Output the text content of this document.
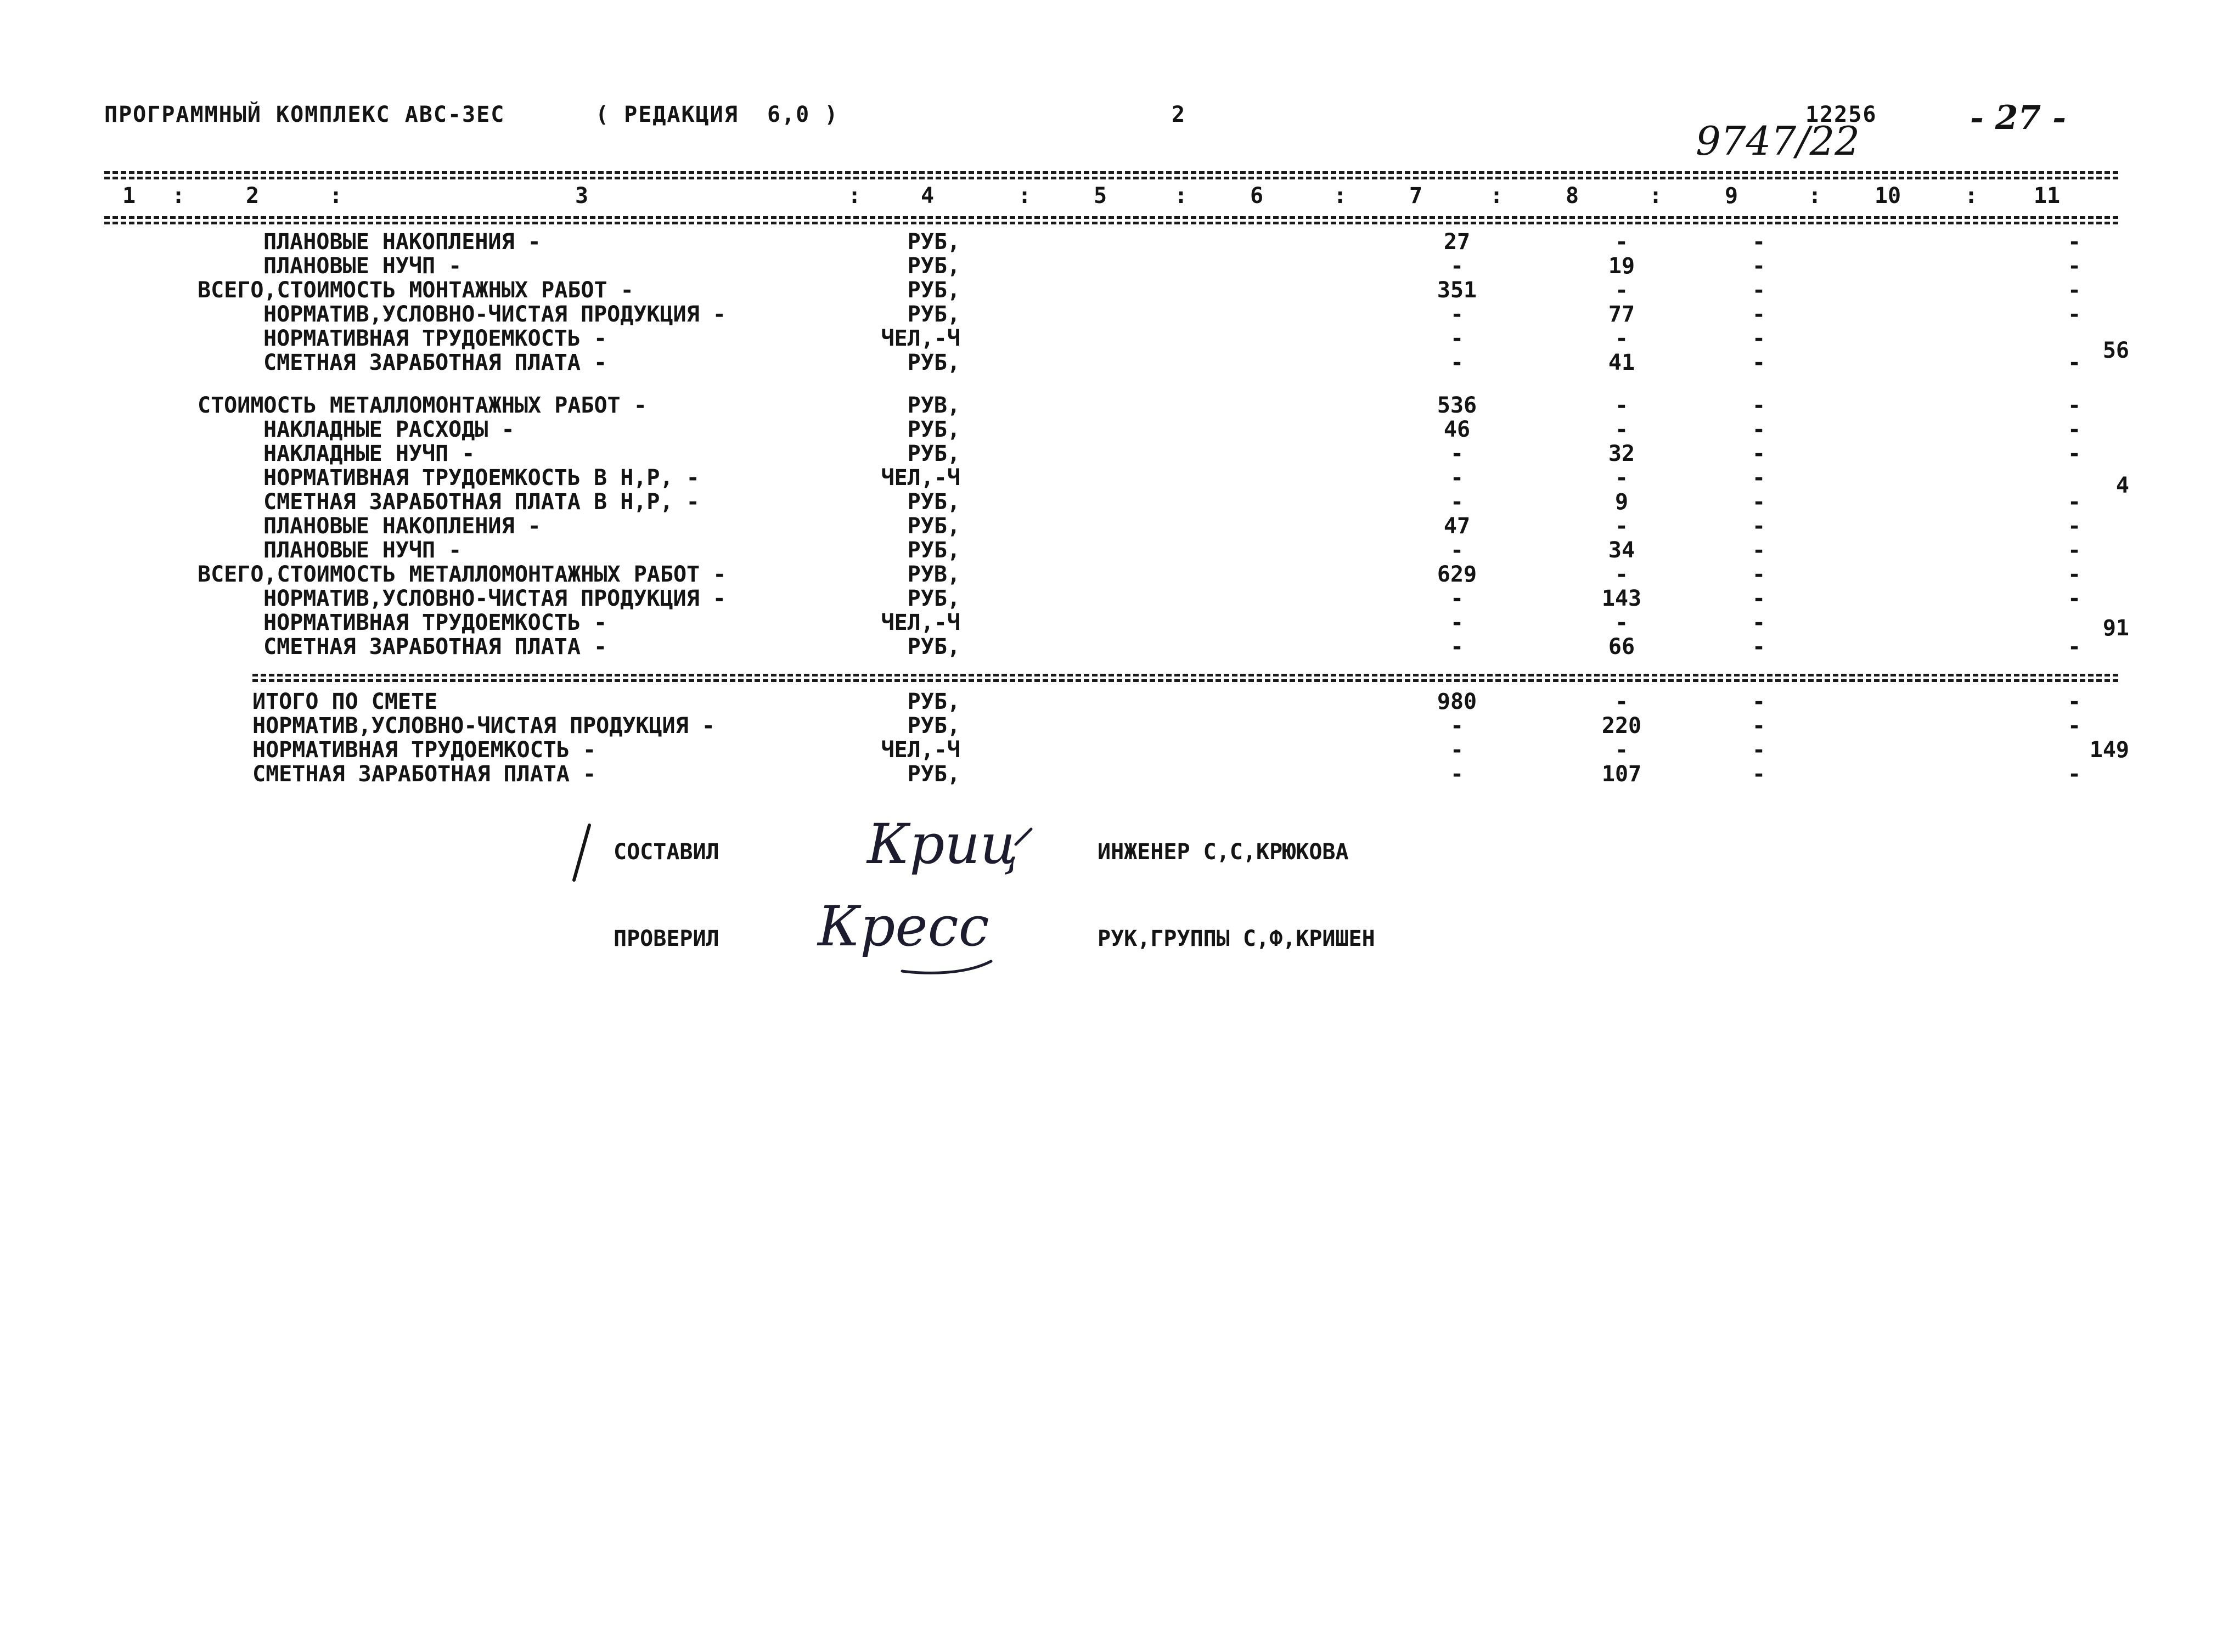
ПРОГРАММНЫЙ КОМПЛЕКС АВС-3ЕС	( РЕДАКЦИЯ  6,0 )	2	12256	- 27 -
9747/22
1	:	2	:	3	:	4	:	5	:	6	:	7	:	8	:	9	:	10	:	11
ПЛАНОВЫЕ НАКОПЛЕНИЯ -	РУБ,	27	-	-	-
ПЛАНОВЫЕ НУЧП -	РУБ,	-	19	-	-
ВСЕГО,СТОИМОСТЬ МОНТАЖНЫХ РАБОТ -	РУБ,	351	-	-	-
НОРМАТИВ,УСЛОВНО-ЧИСТАЯ ПРОДУКЦИЯ -	РУБ,	-	77	-	-
НОРМАТИВНАЯ ТРУДОЕМКОСТЬ -	ЧЕЛ,-Ч	-	-	-	56
СМЕТНАЯ ЗАРАБОТНАЯ ПЛАТА -	РУБ,	-	41	-	-
СТОИМОСТЬ МЕТАЛЛОМОНТАЖНЫХ РАБОТ -	РУВ,	536	-	-	-
НАКЛАДНЫЕ РАСХОДЫ -	РУБ,	46	-	-	-
НАКЛАДНЫЕ НУЧП -	РУБ,	-	32	-	-
НОРМАТИВНАЯ ТРУДОЕМКОСТЬ В Н,Р, -	ЧЕЛ,-Ч	-	-	-	4
СМЕТНАЯ ЗАРАБОТНАЯ ПЛАТА В Н,Р, -	РУБ,	-	9	-	-
ПЛАНОВЫЕ НАКОПЛЕНИЯ -	РУБ,	47	-	-	-
ПЛАНОВЫЕ НУЧП -	РУБ,	-	34	-	-
ВСЕГО,СТОИМОСТЬ МЕТАЛЛОМОНТАЖНЫХ РАБОТ -	РУВ,	629	-	-	-
НОРМАТИВ,УСЛОВНО-ЧИСТАЯ ПРОДУКЦИЯ -	РУБ,	-	143	-	-
НОРМАТИВНАЯ ТРУДОЕМКОСТЬ -	ЧЕЛ,-Ч	-	-	-	91
СМЕТНАЯ ЗАРАБОТНАЯ ПЛАТА -	РУБ,	-	66	-	-
ИТОГО ПО СМЕТЕ	РУБ,	980	-	-	-
НОРМАТИВ,УСЛОВНО-ЧИСТАЯ ПРОДУКЦИЯ -	РУБ,	-	220	-	-
НОРМАТИВНАЯ ТРУДОЕМКОСТЬ -	ЧЕЛ,-Ч	-	-	-	149
СМЕТНАЯ ЗАРАБОТНАЯ ПЛАТА -	РУБ,	-	107	-	-
СОСТАВИЛ	Криц	ИНЖЕНЕР С,С,КРЮКОВА
ПРОВЕРИЛ Кресс	РУК,ГРУППЫ С,Ф,КРИШЕН
